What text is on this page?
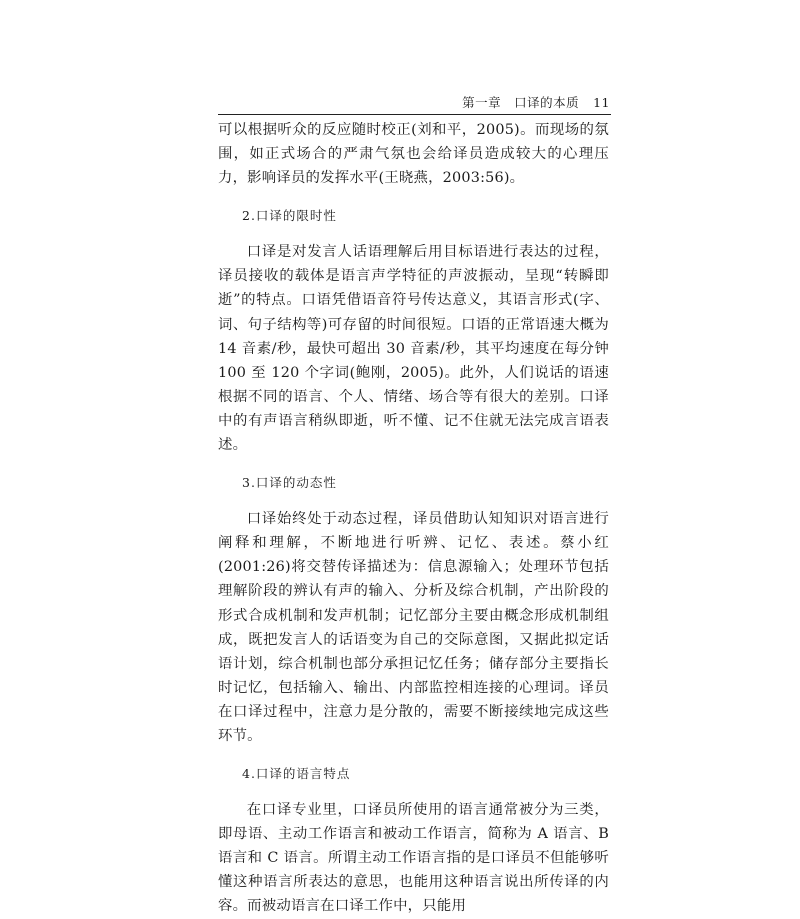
第一章　口译的本质 11

可以根据听众的反应随时校正(刘和平，2005)。而现场的氛围，如正式场合的严肃气氛也会给译员造成较大的心理压力，影响译员的发挥水平(王晓燕，2003:56)。

2.口译的限时性

口译是对发言人话语理解后用目标语进行表达的过程，译员接收的载体是语言声学特征的声波振动，呈现“转瞬即逝”的特点。口语凭借语音符号传达意义，其语言形式(字、词、句子结构等)可存留的时间很短。口语的正常语速大概为 14 音素/秒，最快可超出 30 音素/秒，其平均速度在每分钟 100 至 120 个字词(鲍刚，2005)。此外，人们说话的语速根据不同的语言、个人、情绪、场合等有很大的差别。口译中的有声语言稍纵即逝，听不懂、记不住就无法完成言语表述。

3.口译的动态性

口译始终处于动态过程，译员借助认知知识对语言进行阐释和理解，不断地进行听辨、记忆、表述。蔡小红(2001:26)将交替传译描述为：信息源输入；处理环节包括理解阶段的辨认有声的输入、分析及综合机制，产出阶段的形式合成机制和发声机制；记忆部分主要由概念形成机制组成，既把发言人的话语变为自己的交际意图，又据此拟定话语计划，综合机制也部分承担记忆任务；储存部分主要指长时记忆，包括输入、输出、内部监控相连接的心理词。译员在口译过程中，注意力是分散的，需要不断接续地完成这些环节。

4.口译的语言特点

在口译专业里，口译员所使用的语言通常被分为三类，即母语、主动工作语言和被动工作语言，简称为 A 语言、B 语言和 C 语言。所谓主动工作语言指的是口译员不但能够听懂这种语言所表达的意思，也能用这种语言说出所传译的内容。而被动语言在口译工作中，只能用
